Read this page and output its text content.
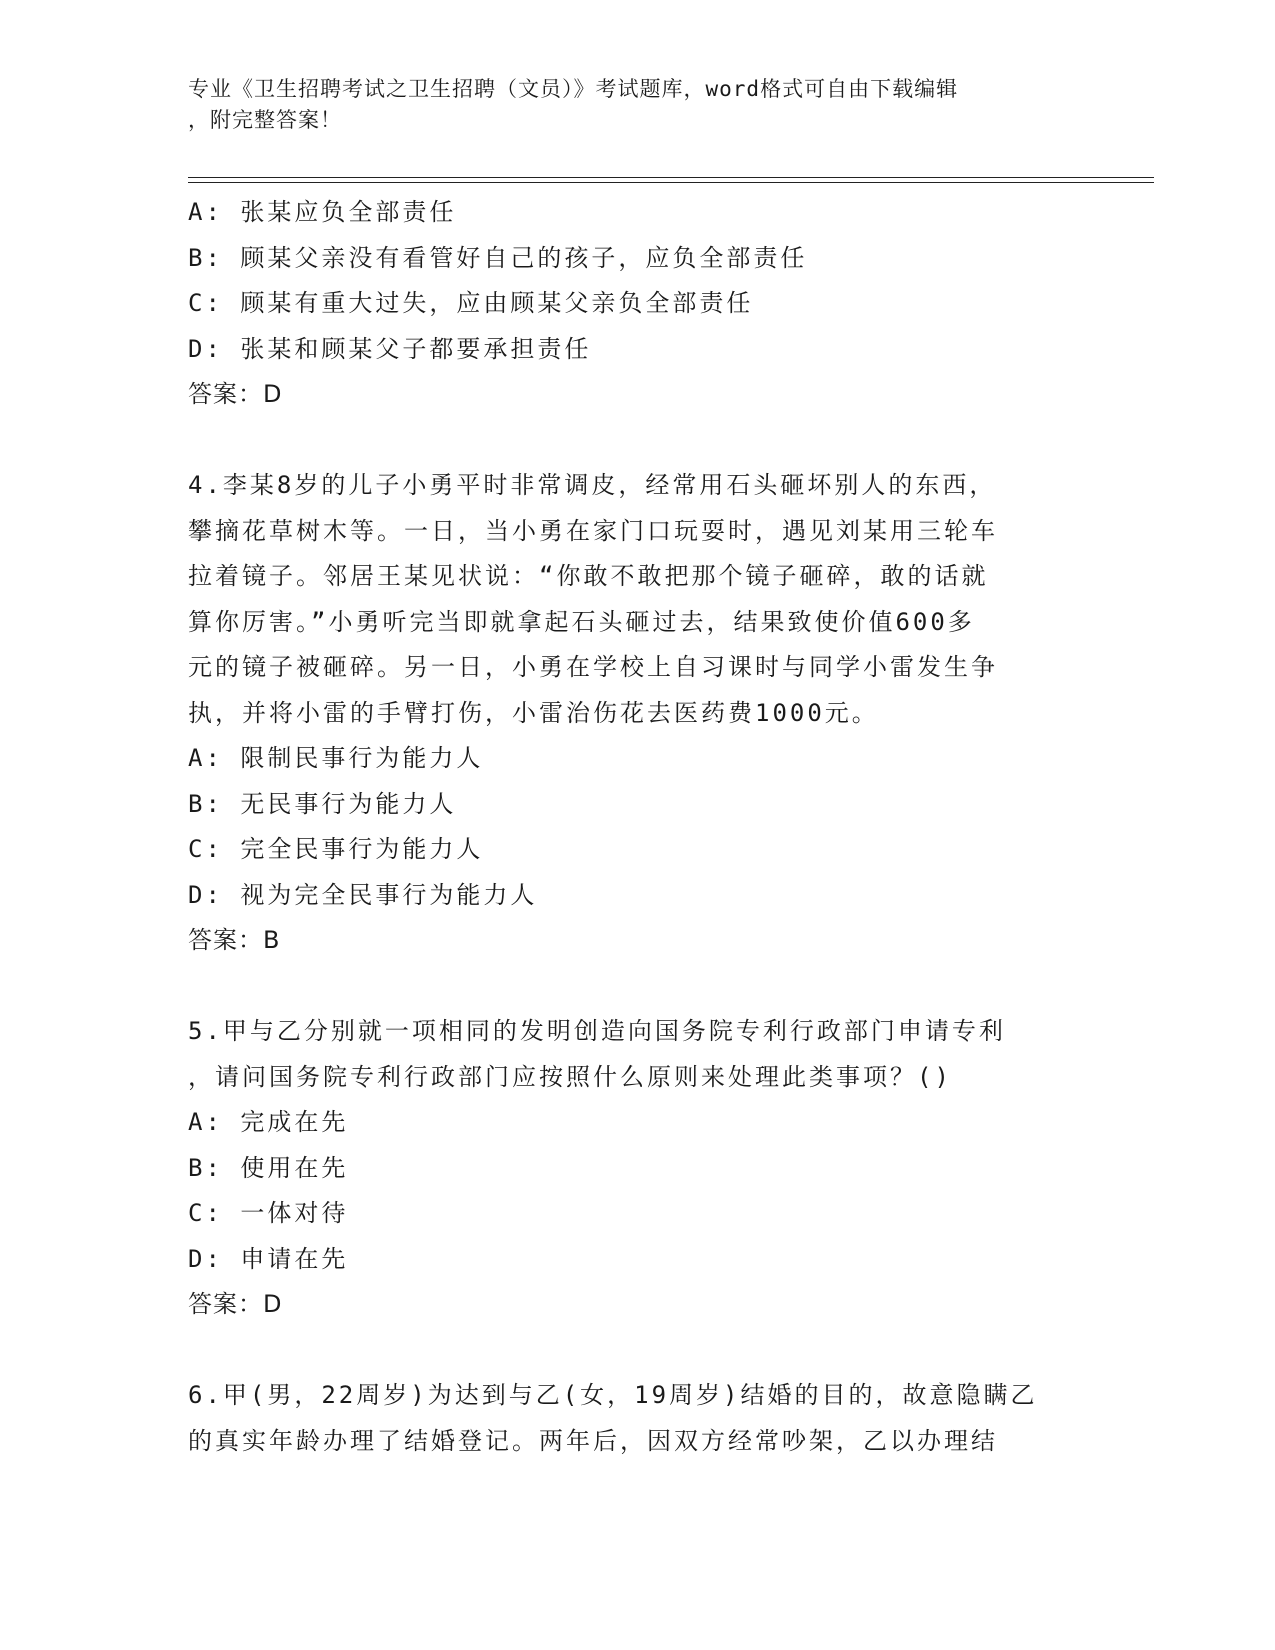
专业《卫生招聘考试之卫生招聘（文员）》考试题库，word格式可自由下载编辑
，附完整答案！
A: 张某应负全部责任
B: 顾某父亲没有看管好自己的孩子，应负全部责任
C: 顾某有重大过失，应由顾某父亲负全部责任
D: 张某和顾某父子都要承担责任
答案：D
4.李某8岁的儿子小勇平时非常调皮，经常用石头砸坏别人的东西，
攀摘花草树木等。一日，当小勇在家门口玩耍时，遇见刘某用三轮车
拉着镜子。邻居王某见状说：“你敢不敢把那个镜子砸碎，敢的话就
算你厉害。”小勇听完当即就拿起石头砸过去，结果致使价值600多
元的镜子被砸碎。另一日，小勇在学校上自习课时与同学小雷发生争
执，并将小雷的手臂打伤，小雷治伤花去医药费1000元。
A: 限制民事行为能力人
B: 无民事行为能力人
C: 完全民事行为能力人
D: 视为完全民事行为能力人
答案：B
5.甲与乙分别就一项相同的发明创造向国务院专利行政部门申请专利
，请问国务院专利行政部门应按照什么原则来处理此类事项？()
A: 完成在先
B: 使用在先
C: 一体对待
D: 申请在先
答案：D
6.甲(男，22周岁)为达到与乙(女，19周岁)结婚的目的，故意隐瞒乙
的真实年龄办理了结婚登记。两年后，因双方经常吵架，乙以办理结
